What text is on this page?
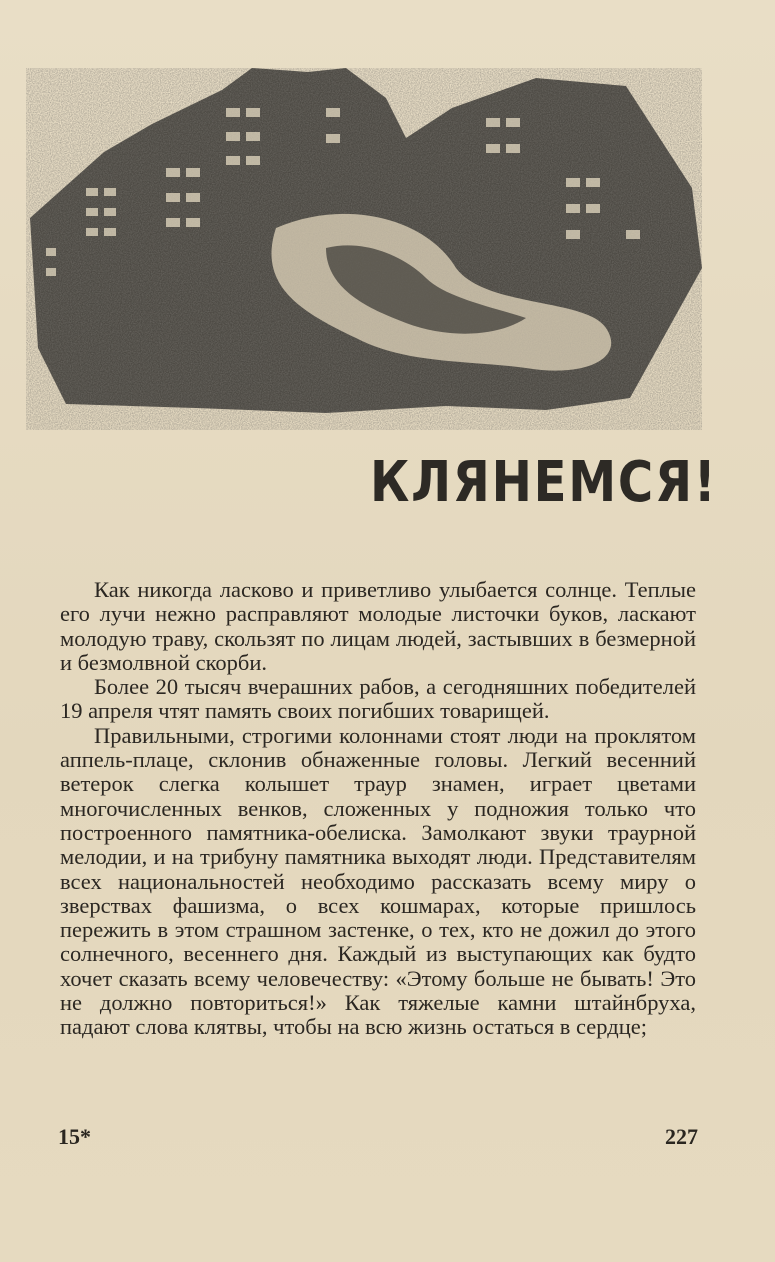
КЛЯНЕМСЯ!

Как никогда ласково и приветливо улыбается солнце. Теплые его лучи нежно расправляют молодые листочки буков, ласкают молодую траву, скользят по лицам людей, застывших в безмерной и безмолвной скорби.

Более 20 тысяч вчерашних рабов, а сегодняшних победителей 19 апреля чтят память своих погибших товарищей.

Правильными, строгими колоннами стоят люди на проклятом аппель-плаце, склонив обнаженные головы. Легкий весенний ветерок слегка колышет траур знамен, играет цветами многочисленных венков, сложенных у подножия только что построенного памятника-обелиска. Замолкают звуки траурной мелодии, и на трибуну памятника выходят люди. Представителям всех национальностей необходимо рассказать всему миру о зверствах фашизма, о всех кошмарах, которые пришлось пережить в этом страшном застенке, о тех, кто не дожил до этого солнечного, весеннего дня. Каждый из выступающих как будто хочет сказать всему человечеству: «Этому больше не бывать! Это не должно повториться!» Как тяжелые камни штайнбруха, падают слова клятвы, чтобы на всю жизнь остаться в сердце;

15*	227
